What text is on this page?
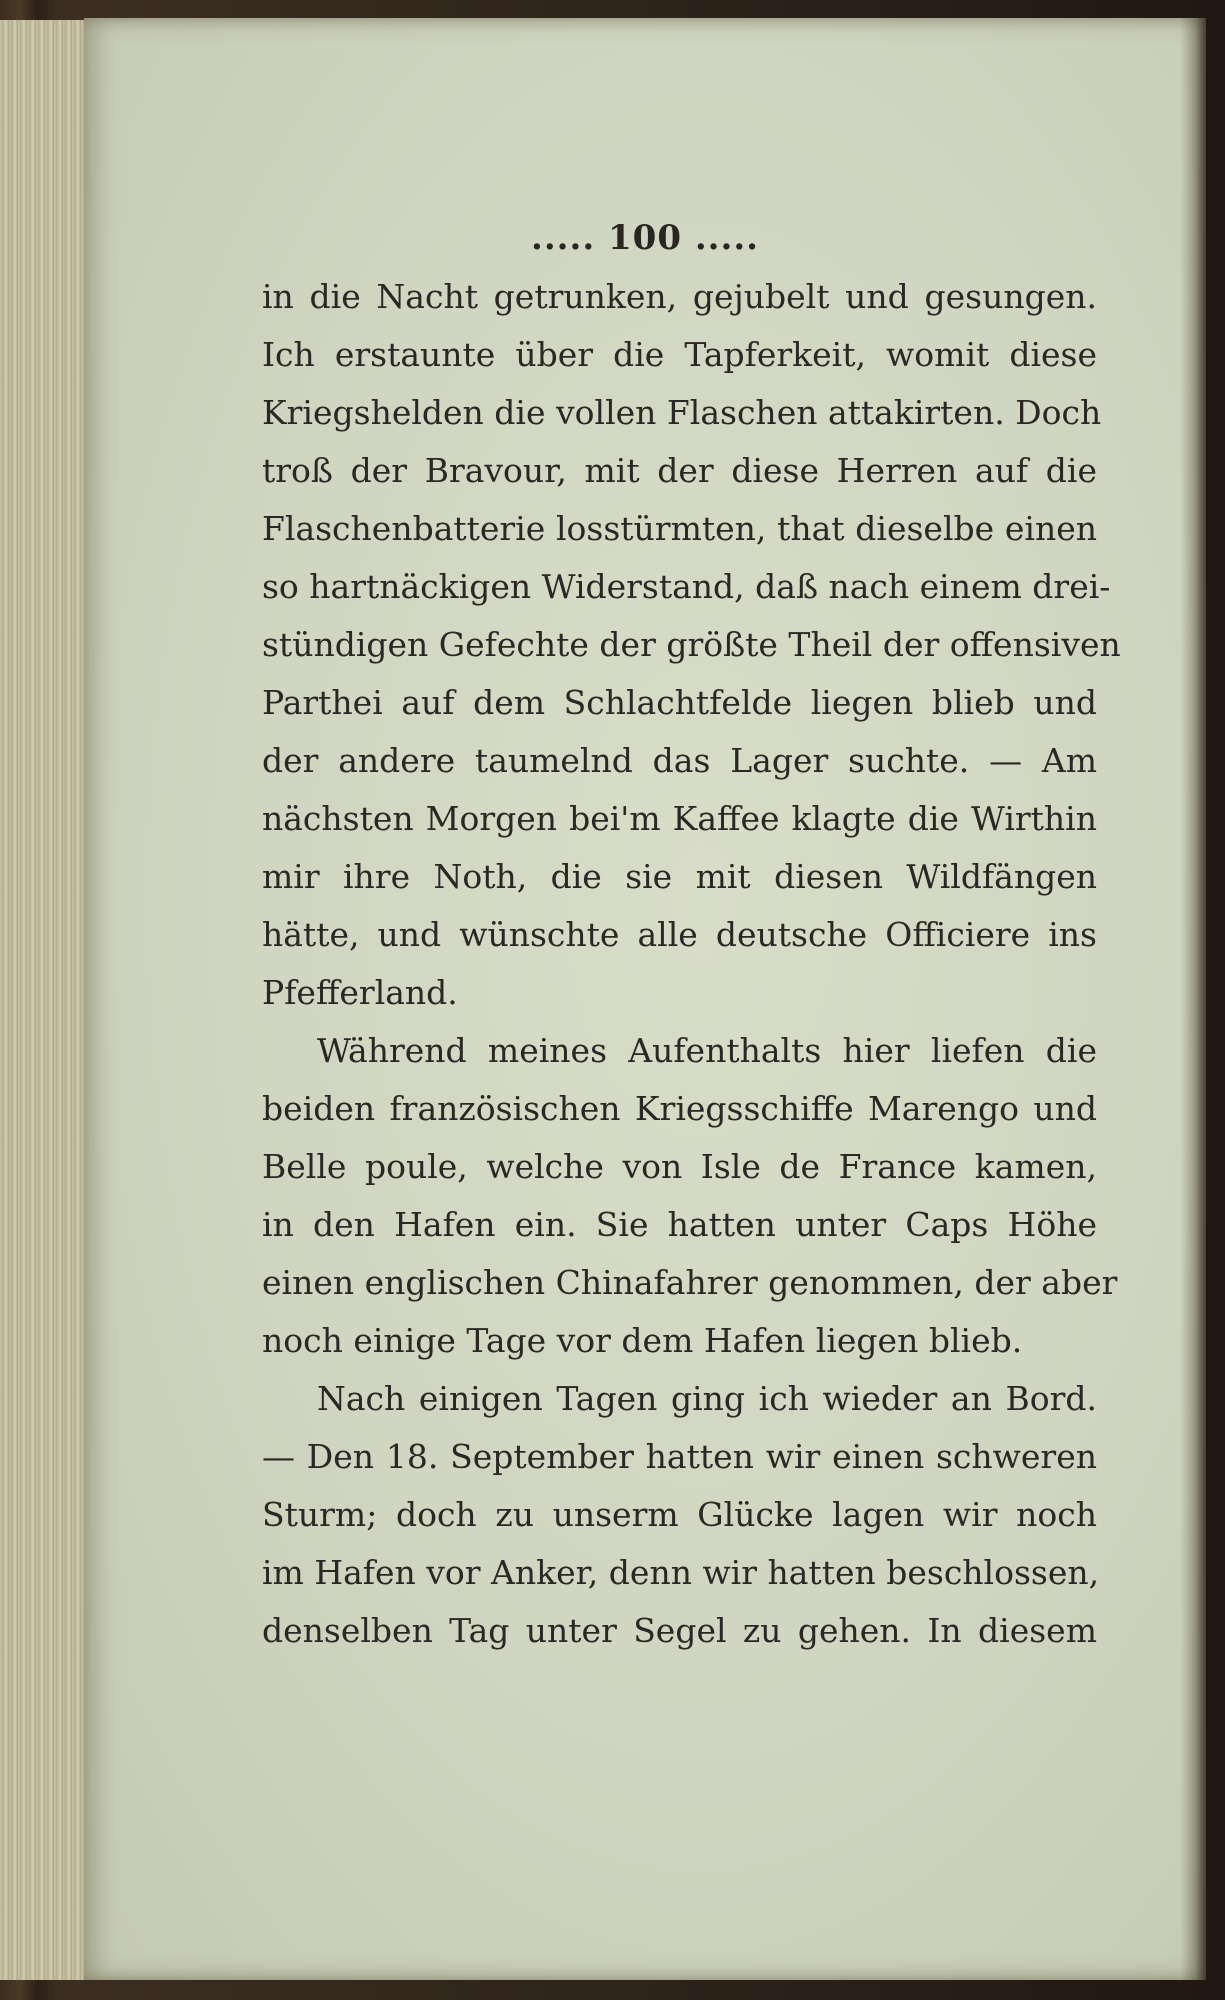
..... 100 .....
in die Nacht getrunken, gejubelt und gesungen.
Ich erstaunte über die Tapferkeit, womit diese
Kriegshelden die vollen Flaschen attakirten. Doch
troß der Bravour, mit der diese Herren auf die
Flaschenbatterie losstürmten, that dieselbe einen
so hartnäckigen Widerstand, daß nach einem drei-
stündigen Gefechte der größte Theil der offensiven
Parthei auf dem Schlachtfelde liegen blieb und
der andere taumelnd das Lager suchte. — Am
nächsten Morgen bei'm Kaffee klagte die Wirthin
mir ihre Noth, die sie mit diesen Wildfängen
hätte, und wünschte alle deutsche Officiere ins
Pfefferland.
Während meines Aufenthalts hier liefen die
beiden französischen Kriegsschiffe Marengo und
Belle poule, welche von Isle de France kamen,
in den Hafen ein. Sie hatten unter Caps Höhe
einen englischen Chinafahrer genommen, der aber
noch einige Tage vor dem Hafen liegen blieb.
Nach einigen Tagen ging ich wieder an Bord.
— Den 18. September hatten wir einen schweren
Sturm; doch zu unserm Glücke lagen wir noch
im Hafen vor Anker, denn wir hatten beschlossen,
denselben Tag unter Segel zu gehen. In diesem
